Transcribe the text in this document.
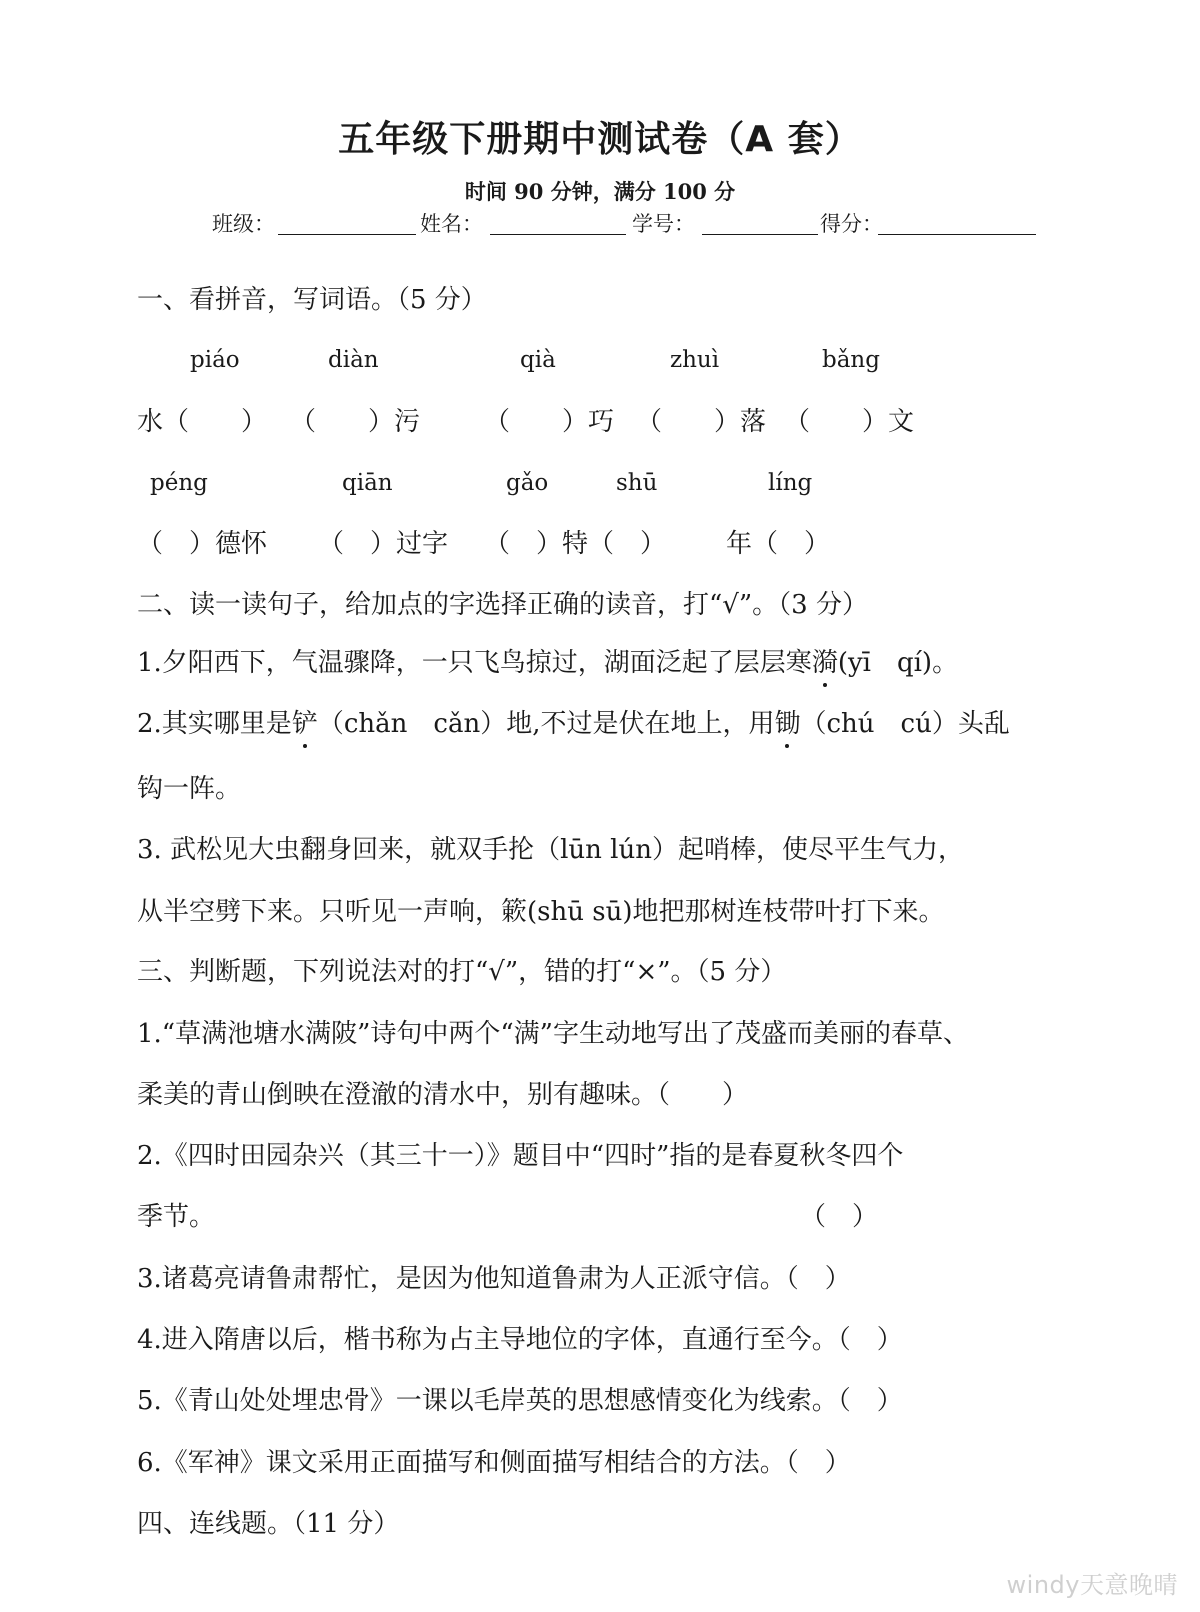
五年级下册期中测试卷（A 套）
时间 90 分钟，满分 100 分
班级：	姓名：	学号：	得分：
一、看拼音，写词语。（5 分）
piáo	diàn	qià	zhuì	bǎng
水（　　） （　　）污 （　　）巧 （　　）落 （　　）文
péng	qiān	gǎo	shū	líng
（　）德怀 （　）过字 （　）特（　） 年（　）
二、读一读句子，给加点的字选择正确的读音，打“√”。（3 分）
1.夕阳西下，气温骤降，一只飞鸟掠过，湖面泛起了层层寒漪(yī　qí)。
2.其实哪里是铲（chǎn　cǎn）地,不过是伏在地上，用锄（chú　cú）头乱
钩一阵。
3. 武松见大虫翻身回来，就双手抡（lūn lún）起哨棒，使尽平生气力，
从半空劈下来。只听见一声响，簌(shū sū)地把那树连枝带叶打下来。
三、判断题，下列说法对的打“√”，错的打“×”。（5 分）
1.“草满池塘水满陂”诗句中两个“满”字生动地写出了茂盛而美丽的春草、
柔美的青山倒映在澄澈的清水中，别有趣味。（　　）
2.《四时田园杂兴（其三十一）》题目中“四时”指的是春夏秋冬四个
季节。	（　）
3.诸葛亮请鲁肃帮忙，是因为他知道鲁肃为人正派守信。（　）
4.进入隋唐以后，楷书称为占主导地位的字体，直通行至今。（　）
5.《青山处处埋忠骨》一课以毛岸英的思想感情变化为线索。（　）
6.《军神》课文采用正面描写和侧面描写相结合的方法。（　）
四、连线题。（11 分）
windy天意晚晴
